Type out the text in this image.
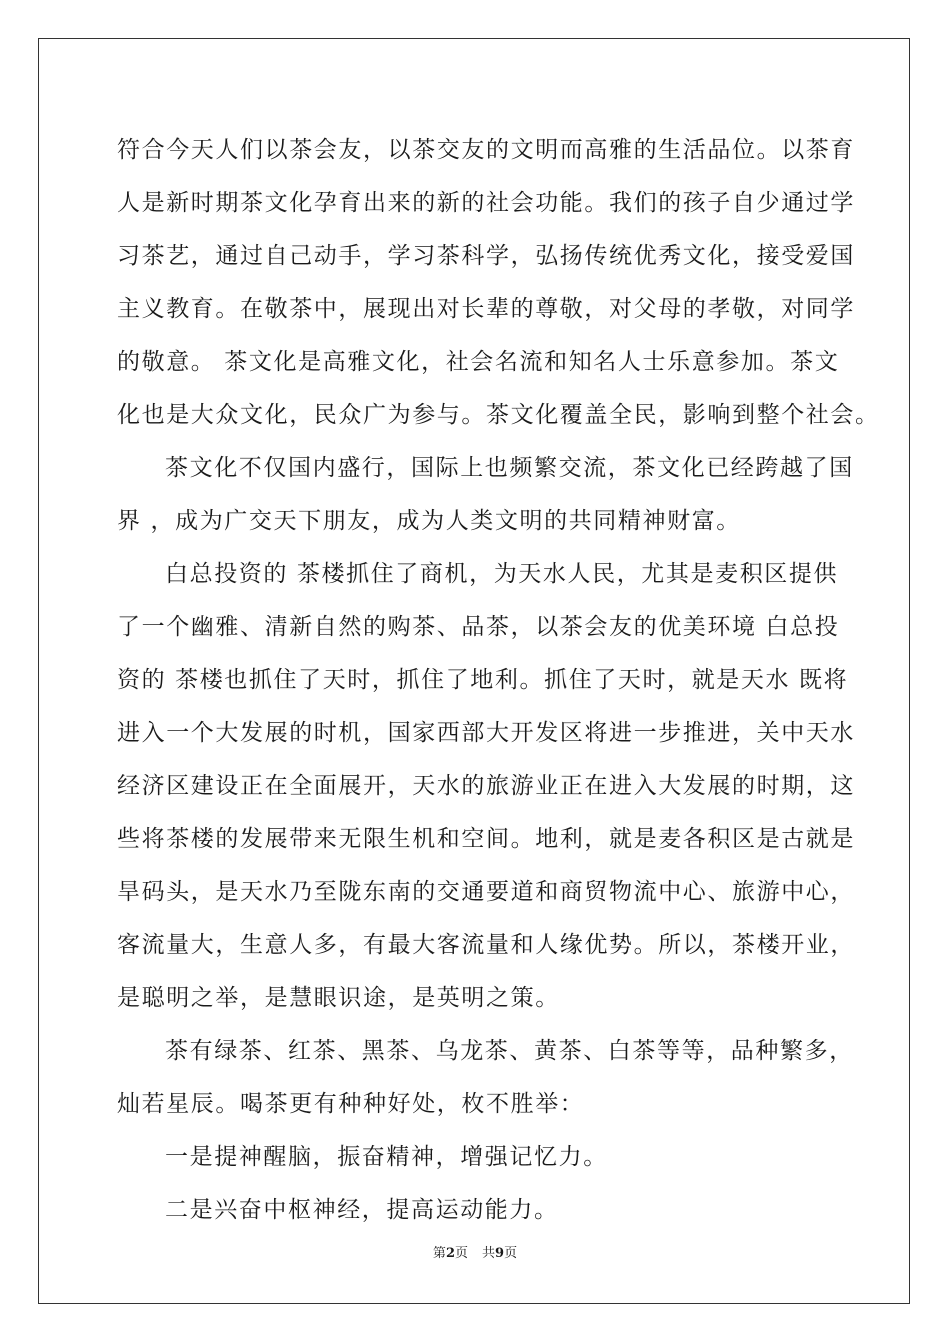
符合今天人们以茶会友，以茶交友的文明而高雅的生活品位。以茶育
人是新时期茶文化孕育出来的新的社会功能。我们的孩子自少通过学
习茶艺，通过自己动手，学习茶科学，弘扬传统优秀文化，接受爱国
主义教育。在敬茶中，展现出对长辈的尊敬，对父母的孝敬，对同学
的敬意。 茶文化是高雅文化，社会名流和知名人士乐意参加。茶文
化也是大众文化，民众广为参与。茶文化覆盖全民，影响到整个社会。
茶文化不仅国内盛行，国际上也频繁交流，茶文化已经跨越了国
界 ，成为广交天下朋友，成为人类文明的共同精神财富。
白总投资的 茶楼抓住了商机，为天水人民，尤其是麦积区提供
了一个幽雅、清新自然的购茶、品茶，以茶会友的优美环境 白总投
资的 茶楼也抓住了天时，抓住了地利。抓住了天时，就是天水 既将
进入一个大发展的时机，国家西部大开发区将进一步推进，关中天水
经济区建设正在全面展开，天水的旅游业正在进入大发展的时期，这
些将茶楼的发展带来无限生机和空间。地利，就是麦各积区是古就是
旱码头，是天水乃至陇东南的交通要道和商贸物流中心、旅游中心，
客流量大，生意人多，有最大客流量和人缘优势。所以，茶楼开业，
是聪明之举，是慧眼识途，是英明之策。
茶有绿茶、红茶、黑茶、乌龙茶、黄茶、白茶等等，品种繁多，
灿若星辰。喝茶更有种种好处，枚不胜举：
一是提神醒脑，振奋精神，增强记忆力。
二是兴奋中枢神经，提高运动能力。
第2页 共9页
